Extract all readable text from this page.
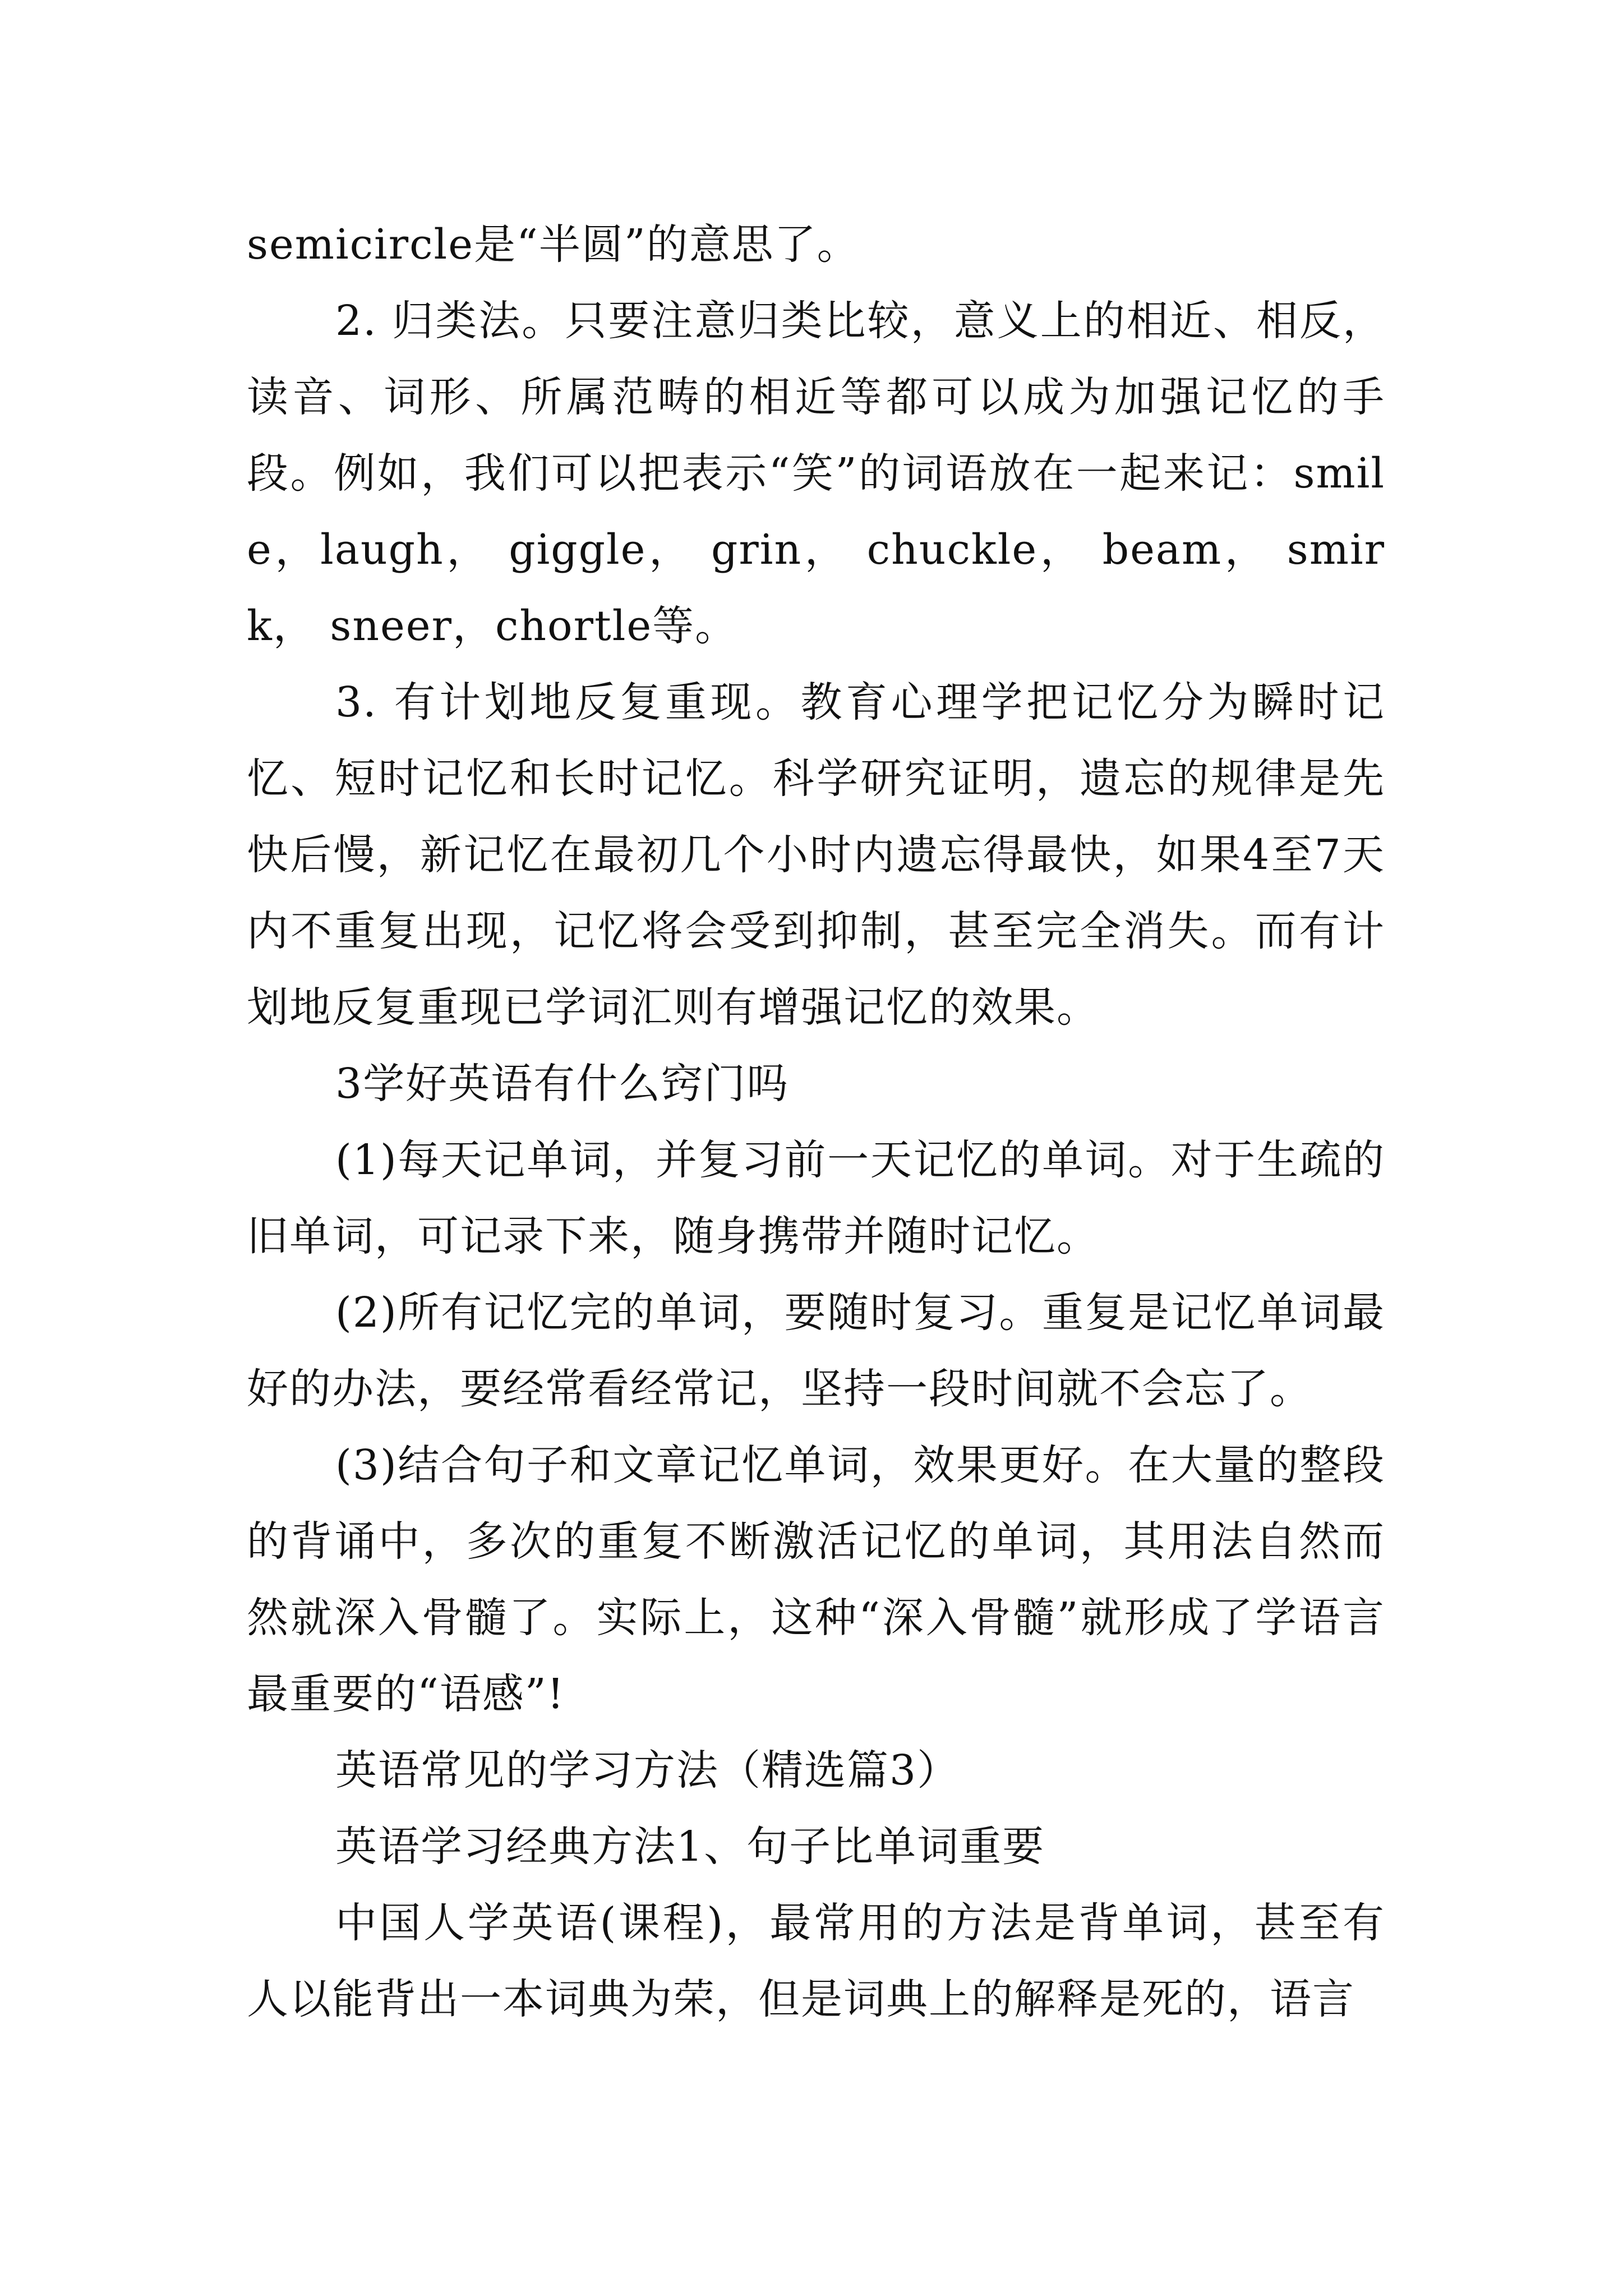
semicircle是“半圆”的意思了。

2. 归类法。只要注意归类比较，意义上的相近、相反，读音、词形、所属范畴的相近等都可以成为加强记忆的手段。例如，我们可以把表示“笑”的词语放在一起来记：smile，laugh， giggle， grin， chuckle， beam， smirk， sneer，chortle等。

3. 有计划地反复重现。教育心理学把记忆分为瞬时记忆、短时记忆和长时记忆。科学研究证明，遗忘的规律是先快后慢，新记忆在最初几个小时内遗忘得最快，如果4至7天内不重复出现，记忆将会受到抑制，甚至完全消失。而有计划地反复重现已学词汇则有增强记忆的效果。

3学好英语有什么窍门吗

(1)每天记单词，并复习前一天记忆的单词。对于生疏的旧单词，可记录下来，随身携带并随时记忆。

(2)所有记忆完的单词，要随时复习。重复是记忆单词最好的办法，要经常看经常记，坚持一段时间就不会忘了。

(3)结合句子和文章记忆单词，效果更好。在大量的整段的背诵中，多次的重复不断激活记忆的单词，其用法自然而然就深入骨髓了。实际上，这种“深入骨髓”就形成了学语言最重要的“语感”!

英语常见的学习方法（精选篇3）

英语学习经典方法1、句子比单词重要

中国人学英语(课程)，最常用的方法是背单词，甚至有人以能背出一本词典为荣，但是词典上的解释是死的，语言
